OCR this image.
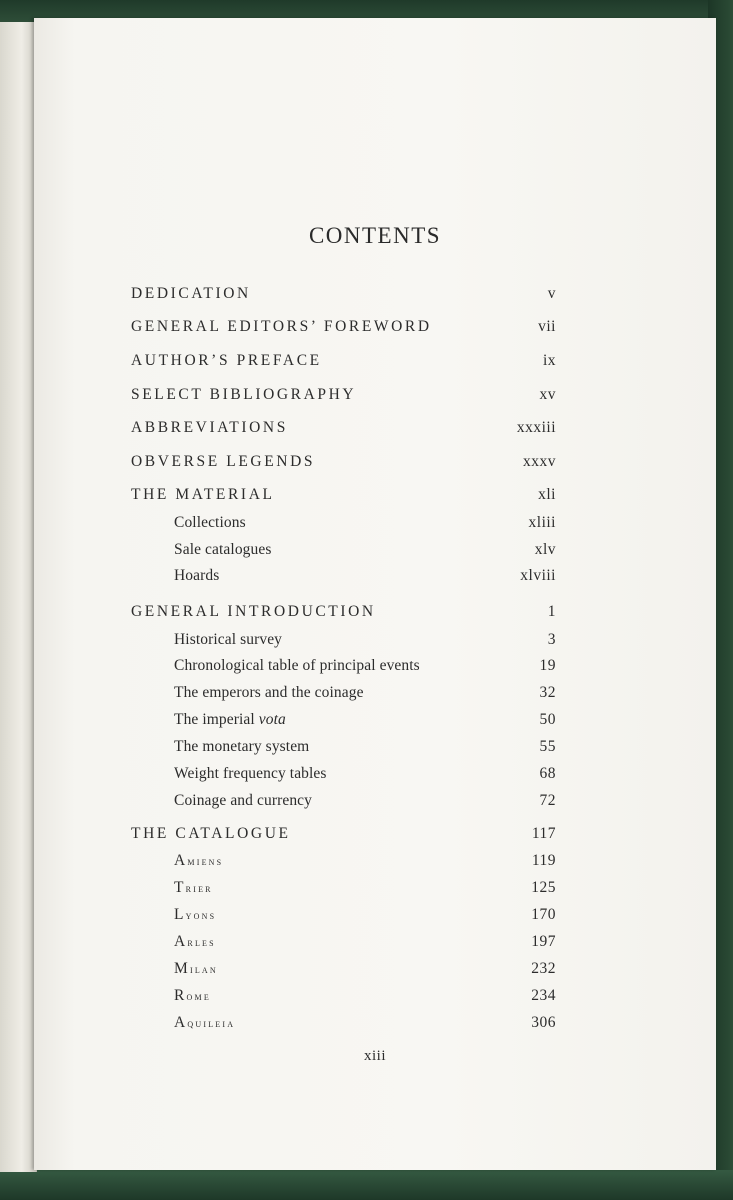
CONTENTS
DEDICATION	v
GENERAL EDITORS’ FOREWORD	vii
AUTHOR’S PREFACE	ix
SELECT BIBLIOGRAPHY	xv
ABBREVIATIONS	xxxiii
OBVERSE LEGENDS	xxxv
THE MATERIAL	xli
Collections	xliii
Sale catalogues	xlv
Hoards	xlviii
GENERAL INTRODUCTION	1
Historical survey	3
Chronological table of principal events	19
The emperors and the coinage	32
The imperial vota	50
The monetary system	55
Weight frequency tables	68
Coinage and currency	72
THE CATALOGUE	117
Amiens	119
Trier	125
Lyons	170
Arles	197
Milan	232
Rome	234
Aquileia	306
xiii
